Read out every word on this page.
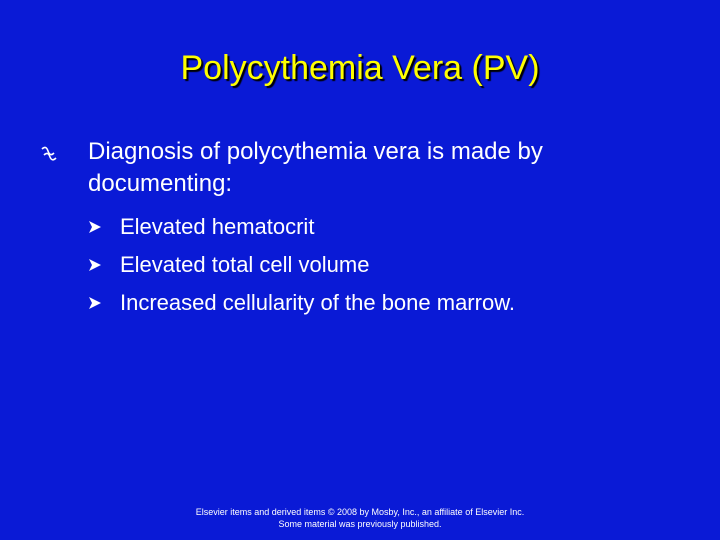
Polycythemia Vera (PV)
Diagnosis of polycythemia vera is made by documenting:
Elevated hematocrit
Elevated total cell volume
Increased cellularity of the bone marrow.
Elsevier items and derived items © 2008 by Mosby, Inc., an affiliate of Elsevier Inc.
Some material was previously published.
